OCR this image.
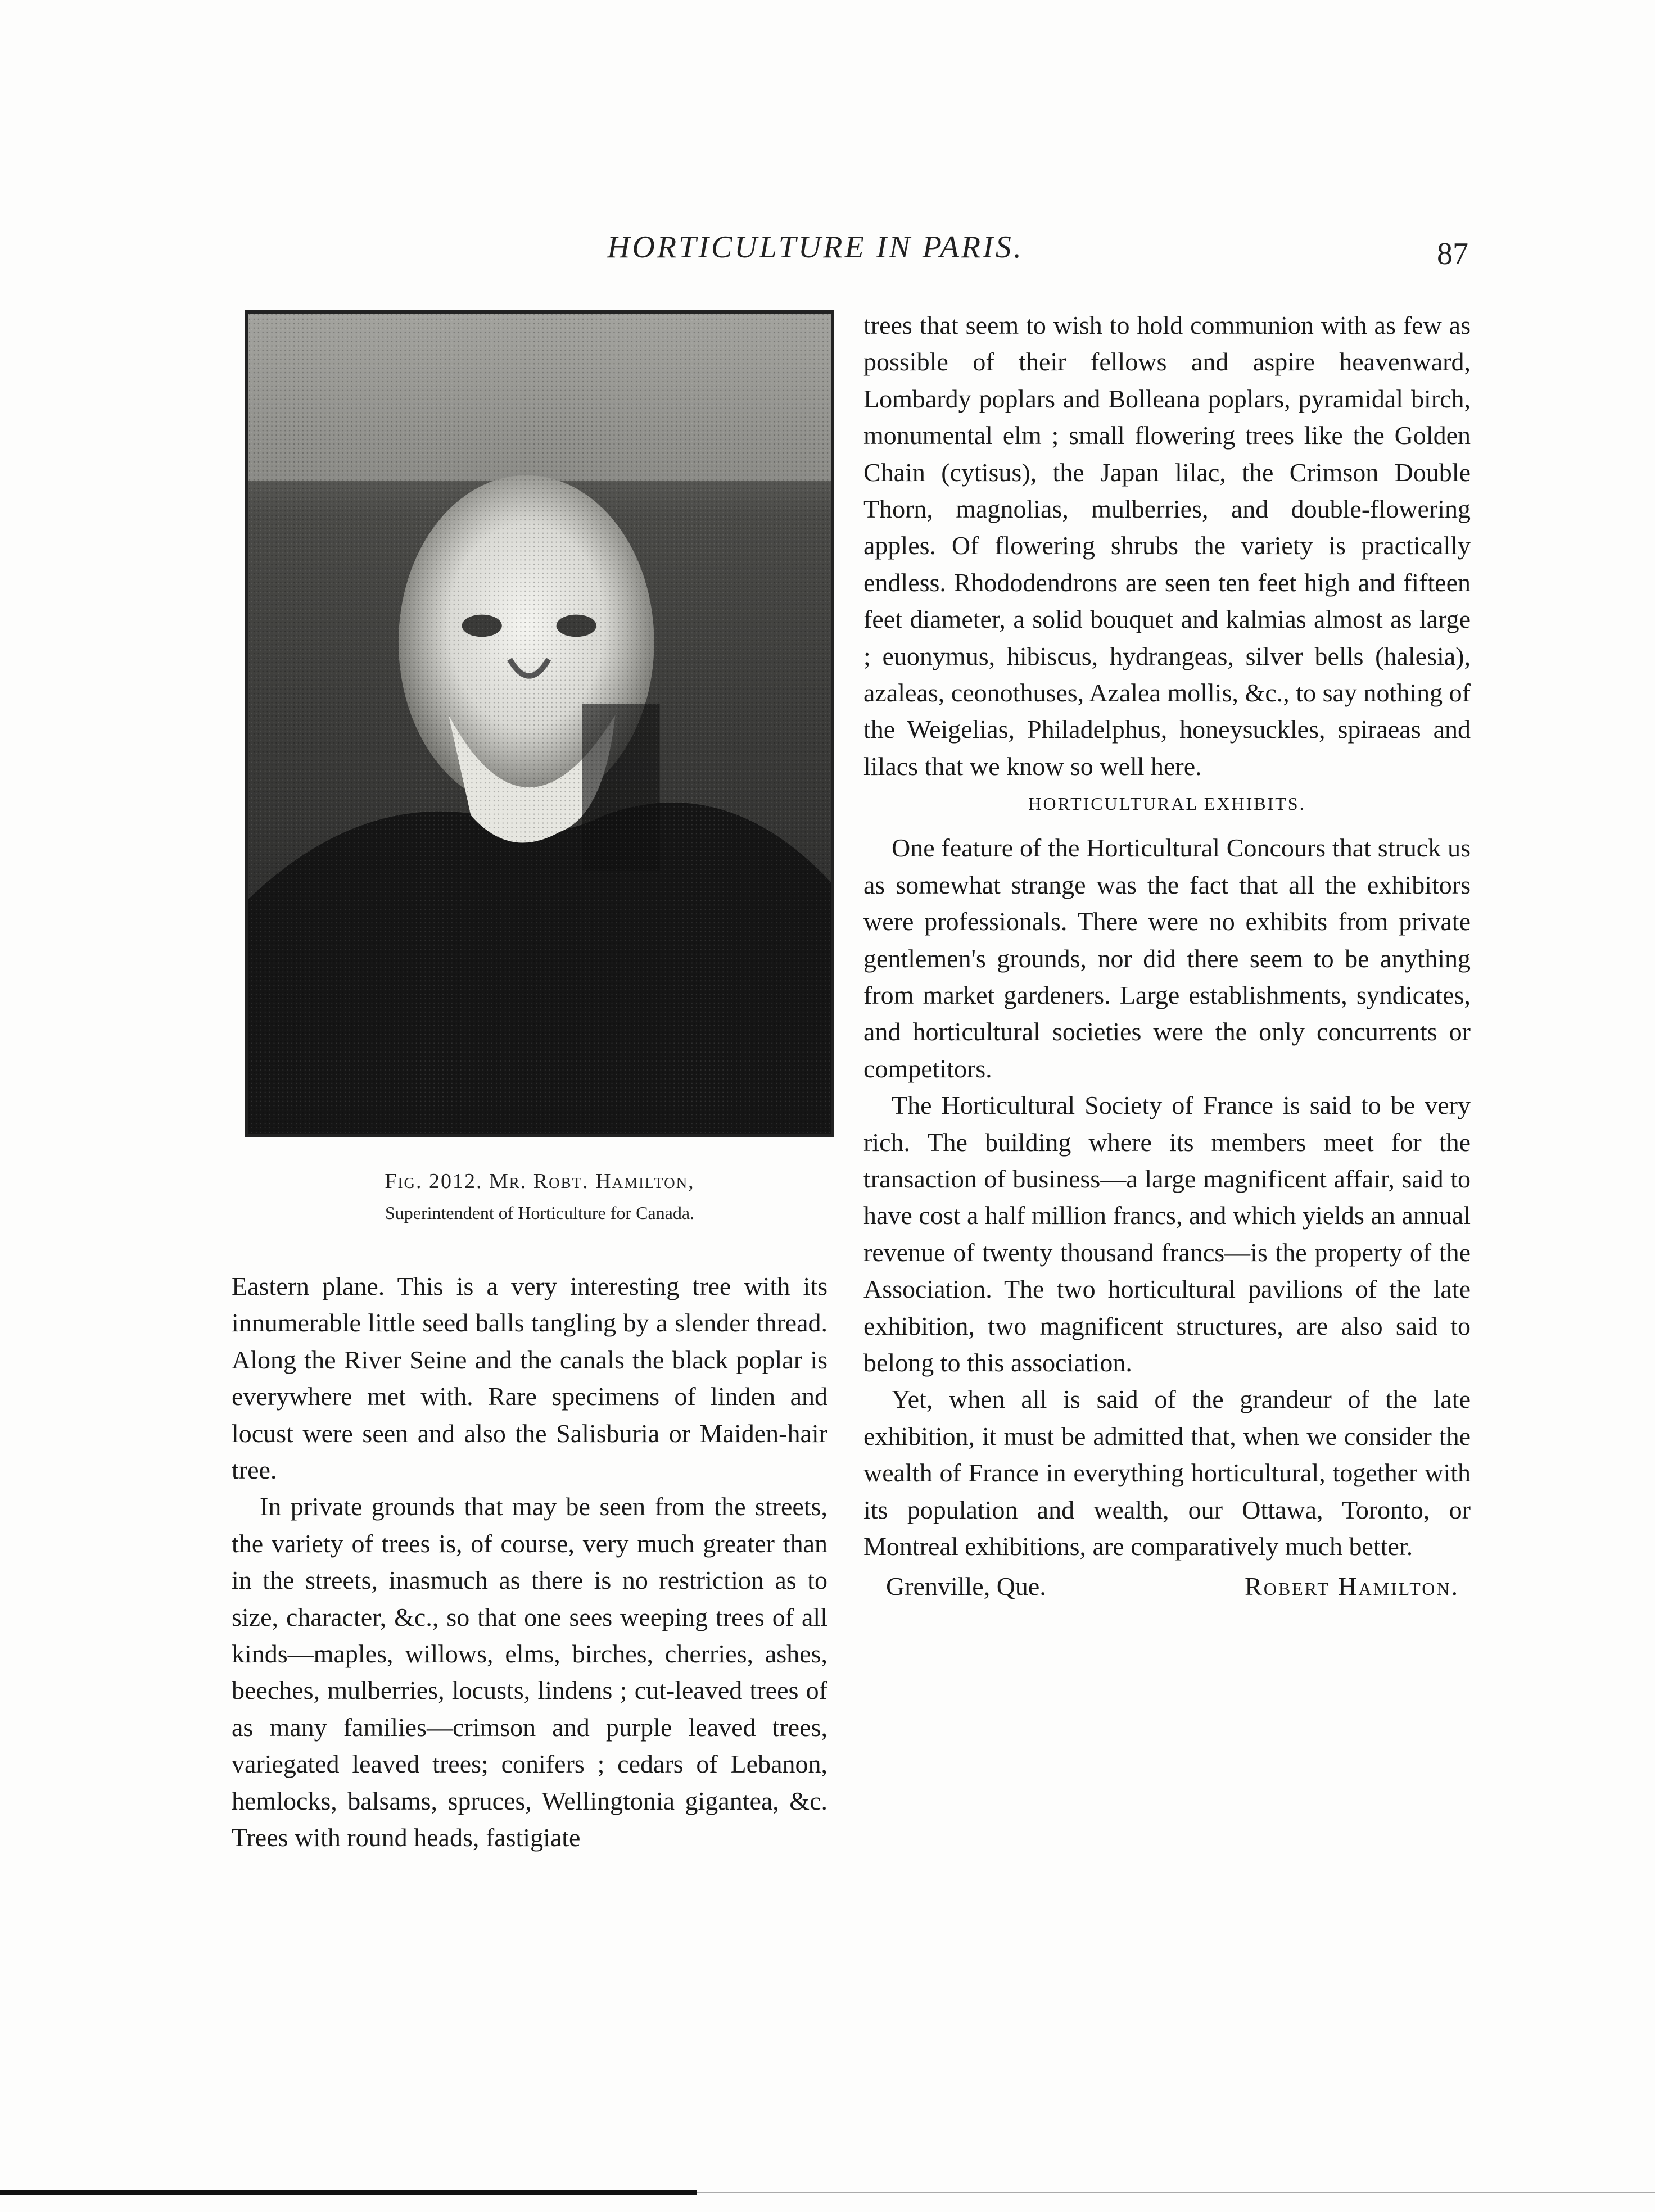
HORTICULTURE IN PARIS.	87
Fig. 2012. Mr. Robt. Hamilton,
Superintendent of Horticulture for Canada.

Eastern plane. This is a very interesting tree with its innumerable little seed balls tangling by a slender thread. Along the River Seine and the canals the black poplar is everywhere met with. Rare specimens of linden and locust were seen and also the Salisburia or Maiden-hair tree.

In private grounds that may be seen from the streets, the variety of trees is, of course, very much greater than in the streets, inasmuch as there is no restriction as to size, character, &c., so that one sees weeping trees of all kinds—maples, willows, elms, birches, cherries, ashes, beeches, mulberries, locusts, lindens ; cut-leaved trees of as many families—crimson and purple leaved trees, variegated leaved trees; conifers ; cedars of Lebanon, hemlocks, balsams, spruces, Wellingtonia gigantea, &c. Trees with round heads, fastigiate

trees that seem to wish to hold communion with as few as possible of their fellows and aspire heavenward, Lombardy poplars and Bolleana poplars, pyramidal birch, monumental elm ; small flowering trees like the Golden Chain (cytisus), the Japan lilac, the Crimson Double Thorn, magnolias, mulberries, and double-flowering apples. Of flowering shrubs the variety is practically endless. Rhododendrons are seen ten feet high and fifteen feet diameter, a solid bouquet and kalmias almost as large ; euonymus, hibiscus, hydrangeas, silver bells (halesia), azaleas, ceonothuses, Azalea mollis, &c., to say nothing of the Weigelias, Philadelphus, honeysuckles, spiraeas and lilacs that we know so well here.

HORTICULTURAL EXHIBITS.

One feature of the Horticultural Concours that struck us as somewhat strange was the fact that all the exhibitors were professionals. There were no exhibits from private gentlemen's grounds, nor did there seem to be anything from market gardeners. Large establishments, syndicates, and horticultural societies were the only concurrents or competitors.

The Horticultural Society of France is said to be very rich. The building where its members meet for the transaction of business—a large magnificent affair, said to have cost a half million francs, and which yields an annual revenue of twenty thousand francs—is the property of the Association. The two horticultural pavilions of the late exhibition, two magnificent structures, are also said to belong to this association.

Yet, when all is said of the grandeur of the late exhibition, it must be admitted that, when we consider the wealth of France in everything horticultural, together with its population and wealth, our Ottawa, Toronto, or Montreal exhibitions, are comparatively much better.

Grenville, Que.	Robert Hamilton.
